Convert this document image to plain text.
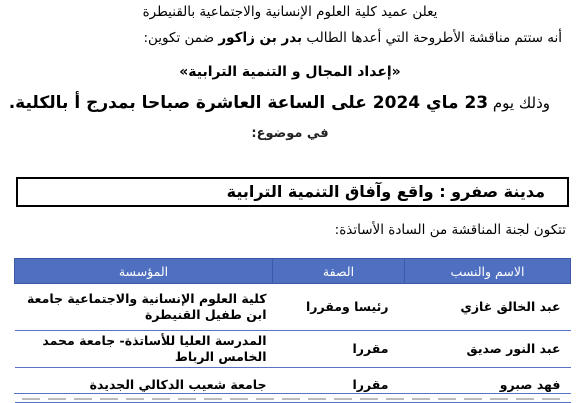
يعلن عميد كلية العلوم الإنسانية والاجتماعية بالقنيطرة
أنه ستتم مناقشة الأطروحة التي أعدها الطالب بدر بن زاكور ضمن تكوين:
«إعداد المجال و التنمية الترابية»
وذلك يوم 23 ماي 2024 على الساعة العاشرة صباحا بمدرج أ بالكلية.
في موضوع:
مدينة صفرو : واقع وآفاق التنمية الترابية
تتكون لجنة المناقشة من السادة الأساتذة:
الاسم والنسب	الصفة	المؤسسة
عبد الخالق غازي	رئيسا ومقررا	كلية العلوم الإنسانية والاجتماعية جامعة ابن طفيل القنيطرة
عبد النور صديق	مقررا	المدرسة العليا للأساتذة- جامعة محمد الخامس الرباط
فهد صبرو	مقررا	جامعة شعيب الدكالي الجديدة
